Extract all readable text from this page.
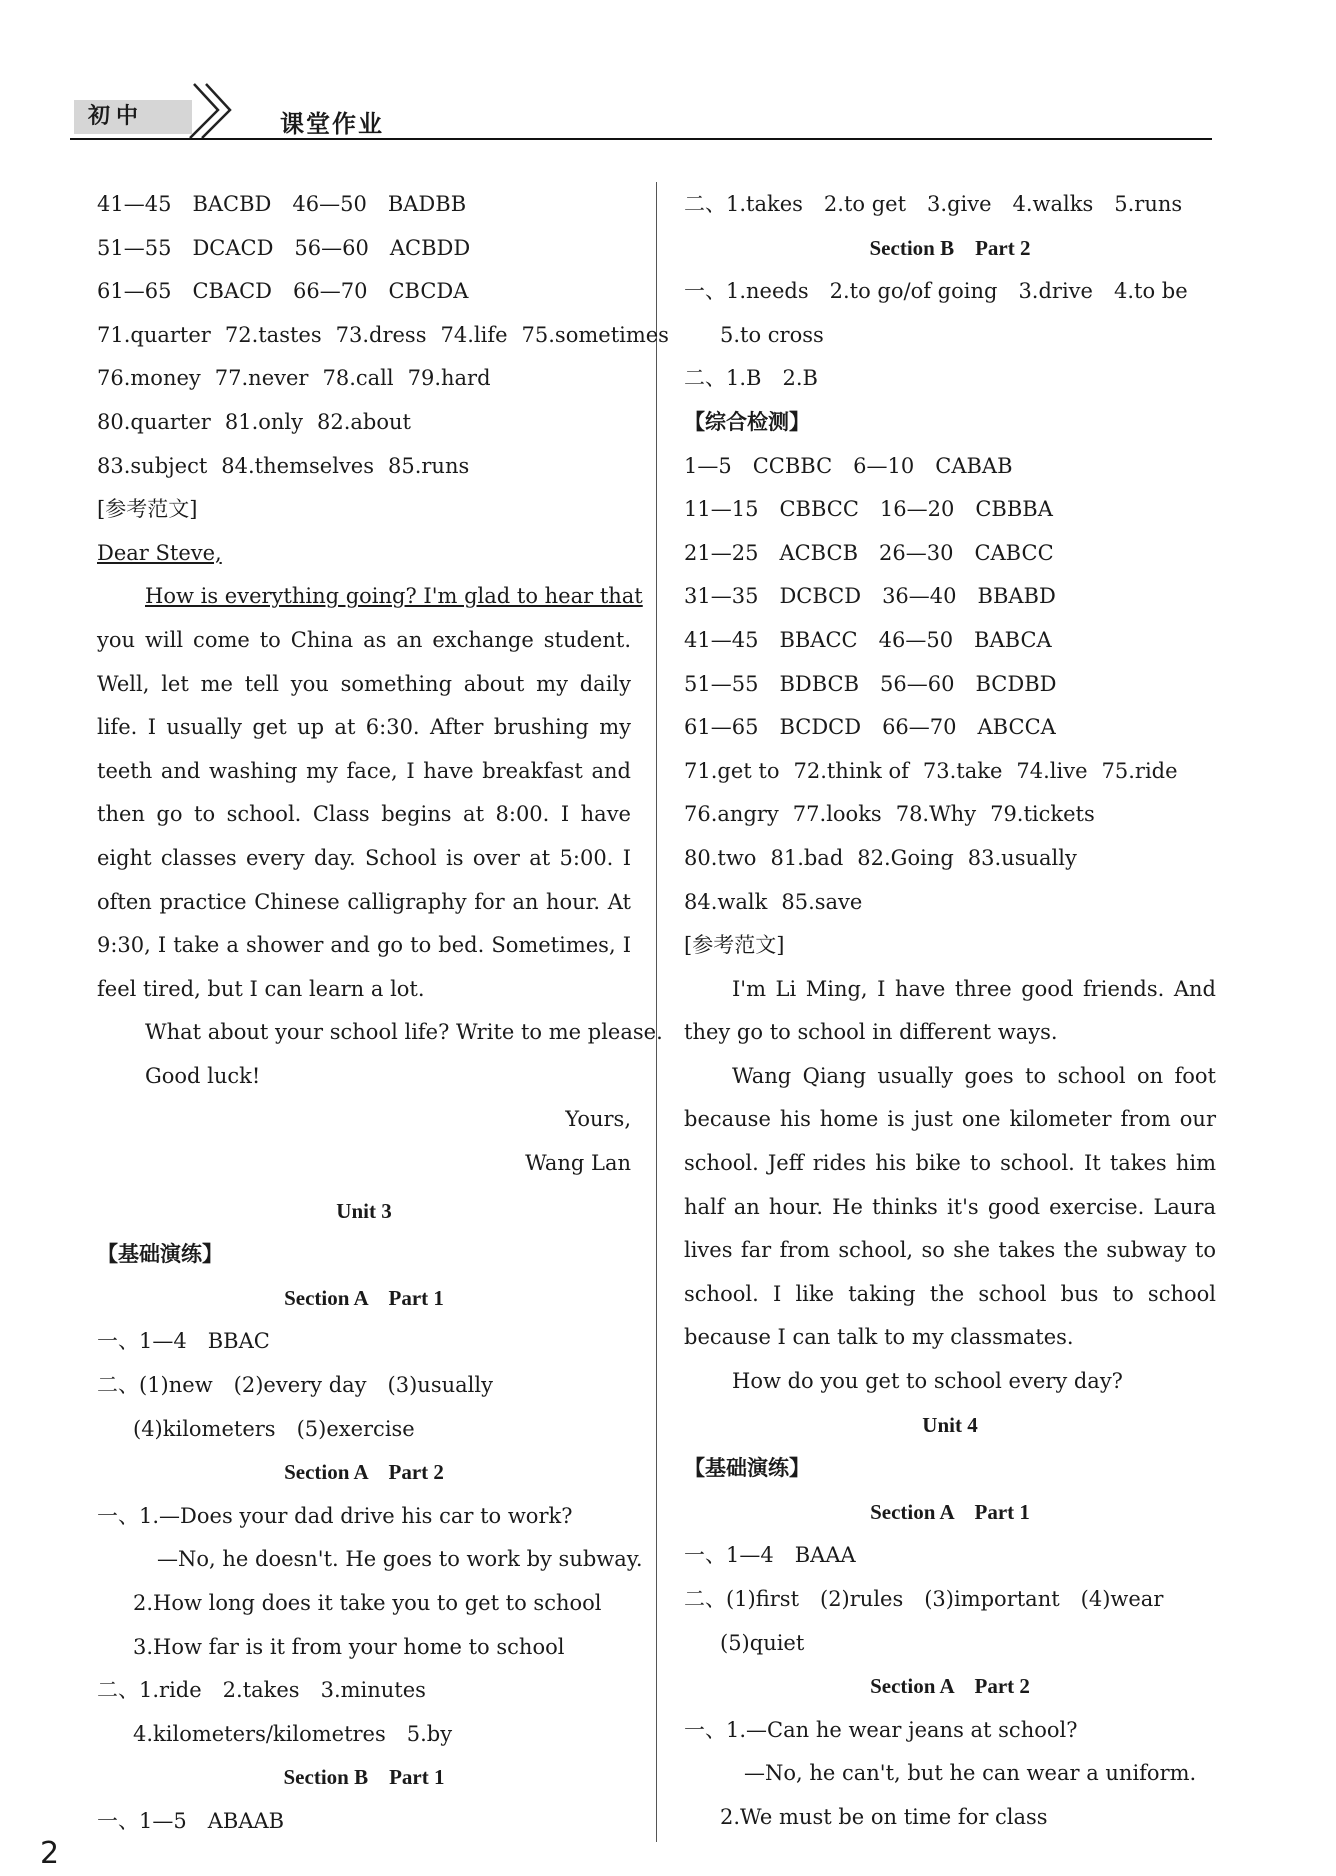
初中	课堂作业
41—45　BACBD　46—50　BADBB
51—55　DCACD　56—60　ACBDD
61—65　CBACD　66—70　CBCDA
71.quarter 72.tastes 73.dress 74.life 75.sometimes
76.money 77.never 78.call 79.hard
80.quarter 81.only 82.about
83.subject 84.themselves 85.runs
[参考范文]
Dear Steve,
How is everything going? I'm glad to hear that

you will come to China as an exchange student. Well, let me tell you something about my daily life. I usually get up at 6:30. After brushing my teeth and washing my face, I have breakfast and then go to school. Class begins at 8:00. I have eight classes every day. School is over at 5:00. I often practice Chinese calligraphy for an hour. At 9:30, I take a shower and go to bed. Sometimes, I feel tired, but I can learn a lot.

What about your school life? Write to me please.
Good luck!
Yours,
Wang Lan
Unit 3
【基础演练】
Section A　Part 1
一、1—4　BBAC
二、(1)new　(2)every day　(3)usually
(4)kilometers　(5)exercise
Section A　Part 2
一、1.—Does your dad drive his car to work?
—No, he doesn't. He goes to work by subway.
2.How long does it take you to get to school
3.How far is it from your home to school
二、1.ride　2.takes　3.minutes
4.kilometers/kilometres　5.by
Section B　Part 1
一、1—5　ABAAB
二、1.takes　2.to get　3.give　4.walks　5.runs
Section B　Part 2
一、1.needs　2.to go/of going　3.drive　4.to be
5.to cross
二、1.B　2.B
【综合检测】
1—5　CCBBC　6—10　CABAB
11—15　CBBCC　16—20　CBBBA
21—25　ACBCB　26—30　CABCC
31—35　DCBCD　36—40　BBABD
41—45　BBACC　46—50　BABCA
51—55　BDBCB　56—60　BCDBD
61—65　BCDCD　66—70　ABCCA
71.get to 72.think of 73.take 74.live 75.ride
76.angry 77.looks 78.Why 79.tickets
80.two 81.bad 82.Going 83.usually
84.walk 85.save
[参考范文]

I'm Li Ming, I have three good friends. And they go to school in different ways.

Wang Qiang usually goes to school on foot because his home is just one kilometer from our school. Jeff rides his bike to school. It takes him half an hour. He thinks it's good exercise. Laura lives far from school, so she takes the subway to school. I like taking the school bus to school because I can talk to my classmates.

How do you get to school every day?

Unit 4
【基础演练】
Section A　Part 1
一、1—4　BAAA
二、(1)first　(2)rules　(3)important　(4)wear
(5)quiet
Section A　Part 2
一、1.—Can he wear jeans at school?
—No, he can't, but he can wear a uniform.
2.We must be on time for class
2
